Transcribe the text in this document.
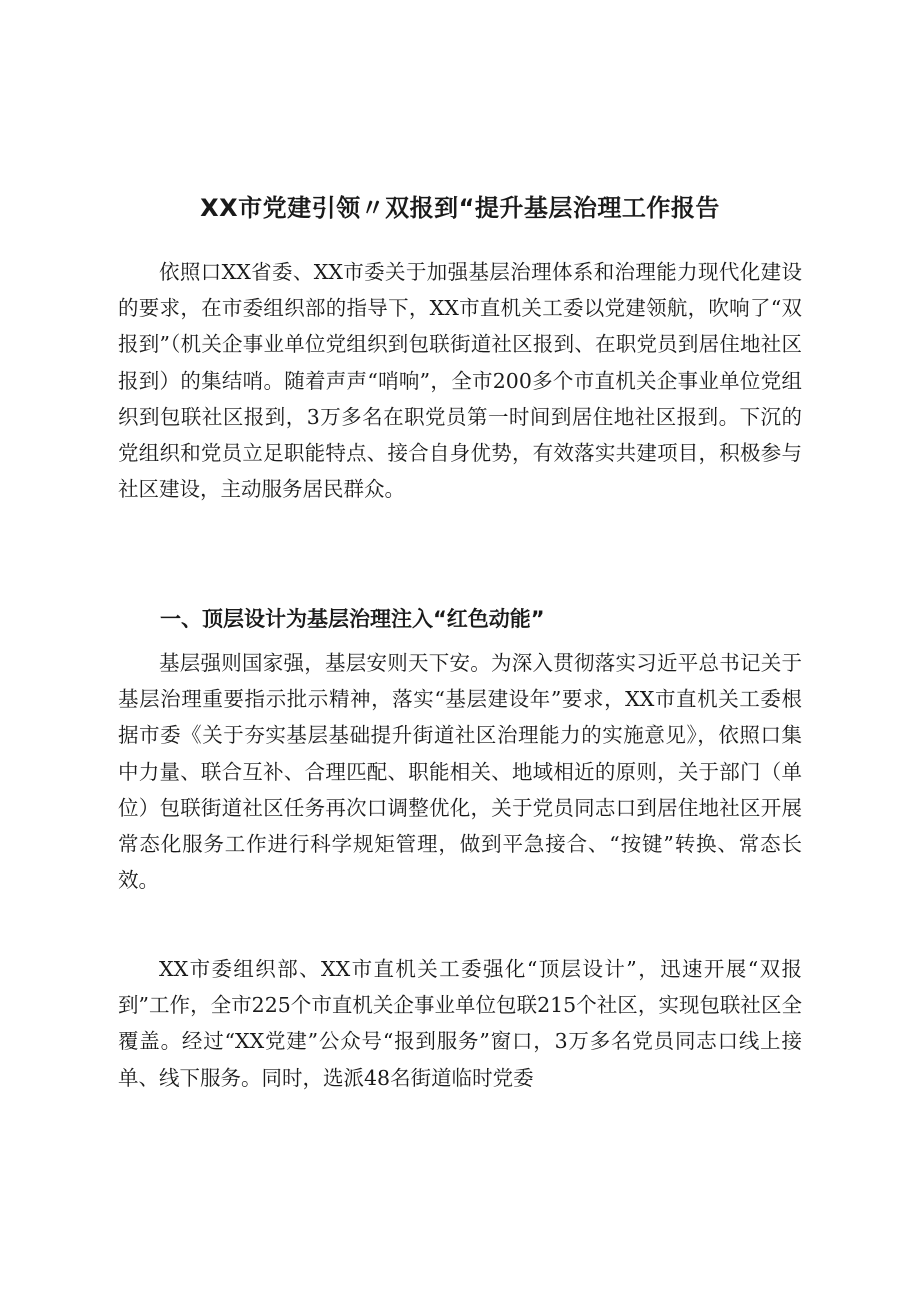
XX市党建引领〃双报到“提升基层治理工作报告

依照口XX省委、XX市委关于加强基层治理体系和治理能力现代化建设的要求，在市委组织部的指导下，XX市直机关工委以党建领航，吹响了“双报到”（机关企事业单位党组织到包联街道社区报到、在职党员到居住地社区报到）的集结哨。随着声声“哨响”，全市200多个市直机关企事业单位党组织到包联社区报到，3万多名在职党员第一时间到居住地社区报到。下沉的党组织和党员立足职能特点、接合自身优势，有效落实共建项目，积极参与社区建设，主动服务居民群众。

一、顶层设计为基层治理注入“红色动能”

基层强则国家强，基层安则天下安。为深入贯彻落实习近平总书记关于基层治理重要指示批示精神，落实“基层建设年”要求，XX市直机关工委根据市委《关于夯实基层基础提升街道社区治理能力的实施意见》，依照口集中力量、联合互补、合理匹配、职能相关、地域相近的原则，关于部门（单位）包联街道社区任务再次口调整优化，关于党员同志口到居住地社区开展常态化服务工作进行科学规矩管理，做到平急接合、“按键”转换、常态长效。

XX市委组织部、XX市直机关工委强化“顶层设计”，迅速开展“双报到”工作，全市225个市直机关企事业单位包联215个社区，实现包联社区全覆盖。经过“XX党建”公众号“报到服务”窗口，3万多名党员同志口线上接单、线下服务。同时，选派48名街道临时党委
